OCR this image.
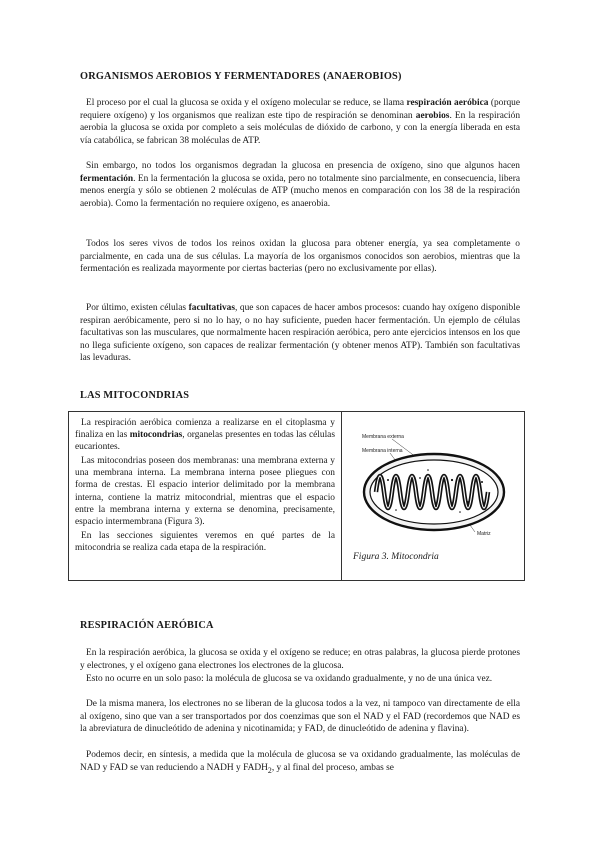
ORGANISMOS AEROBIOS Y FERMENTADORES (ANAEROBIOS)

El proceso por el cual la glucosa se oxida y el oxígeno molecular se reduce, se llama respiración aeróbica (porque requiere oxígeno) y los organismos que realizan este tipo de respiración se denominan aerobios. En la respiración aerobia la glucosa se oxida por completo a seis moléculas de dióxido de carbono, y con la energía liberada en esta vía catabólica, se fabrican 38 moléculas de ATP.

Sin embargo, no todos los organismos degradan la glucosa en presencia de oxígeno, sino que algunos hacen fermentación. En la fermentación la glucosa se oxida, pero no totalmente sino parcialmente, en consecuencia, libera menos energía y sólo se obtienen 2 moléculas de ATP (mucho menos en comparación con los 38 de la respiración aerobia). Como la fermentación no requiere oxígeno, es anaerobia.

Todos los seres vivos de todos los reinos oxidan la glucosa para obtener energía, ya sea completamente o parcialmente, en cada una de sus células. La mayoría de los organismos conocidos son aerobios, mientras que la fermentación es realizada mayormente por ciertas bacterias (pero no exclusivamente por ellas).

Por último, existen células facultativas, que son capaces de hacer ambos procesos: cuando hay oxígeno disponible respiran aeróbicamente, pero si no lo hay, o no hay suficiente, pueden hacer fermentación. Un ejemplo de células facultativas son las musculares, que normalmente hacen respiración aeróbica, pero ante ejercicios intensos en los que no llega suficiente oxígeno, son capaces de realizar fermentación (y obtener menos ATP). También son facultativas las levaduras.

LAS MITOCONDRIAS

La respiración aeróbica comienza a realizarse en el citoplasma y finaliza en las mitocondrias, organelas presentes en todas las células eucariontes.

Las mitocondrias poseen dos membranas: una membrana externa y una membrana interna. La membrana interna posee pliegues con forma de crestas. El espacio interior delimitado por la membrana interna, contiene la matriz mitocondrial, mientras que el espacio entre la membrana interna y externa se denomina, precisamente, espacio intermembrana (Figura 3).

En las secciones siguientes veremos en qué partes de la mitocondria se realiza cada etapa de la respiración.

Membrana externa
Membrana interna
Matriz
Figura 3. Mitocondria
RESPIRACIÓN AERÓBICA

En la respiración aeróbica, la glucosa se oxida y el oxígeno se reduce; en otras palabras, la glucosa pierde protones y electrones, y el oxígeno gana electrones los electrones de la glucosa.

Esto no ocurre en un solo paso: la molécula de glucosa se va oxidando gradualmente, y no de una única vez.

De la misma manera, los electrones no se liberan de la glucosa todos a la vez, ni tampoco van directamente de ella al oxígeno, sino que van a ser transportados por dos coenzimas que son el NAD y el FAD (recordemos que NAD es la abreviatura de dinucleótido de adenina y nicotinamida; y FAD, de dinucleótido de adenina y flavina).

Podemos decir, en síntesis, a medida que la molécula de glucosa se va oxidando gradualmente, las moléculas de NAD y FAD se van reduciendo a NADH y $FADH_2$, y al final del proceso, ambas se
